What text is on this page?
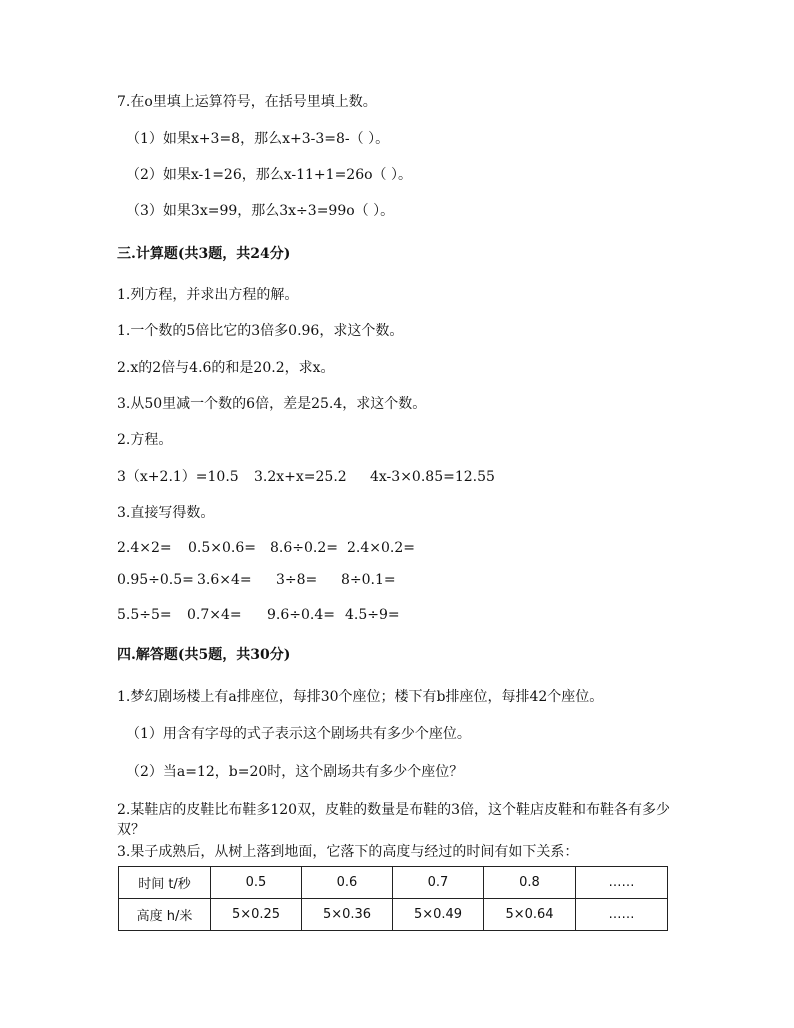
7.在o里填上运算符号，在括号里填上数。
（1）如果x+3=8，那么x+3-3=8-（ ）。
（2）如果x-1=26，那么x-11+1=26o（ ）。
（3）如果3x=99，那么3x÷3=99o（ ）。
三.计算题(共3题，共24分)
1.列方程，并求出方程的解。
1.一个数的5倍比它的3倍多0.96，求这个数。
2.x的2倍与4.6的和是20.2，求x。
3.从50里减一个数的6倍，差是25.4，求这个数。
2.方程。
3（x+2.1）=10.5 3.2x+x=25.2 4x-3×0.85=12.55
3.直接写得数。
2.4×2= 0.5×0.6= 8.6÷0.2= 2.4×0.2=
0.95÷0.5= 3.6×4= 3÷8= 8÷0.1=
5.5÷5= 0.7×4= 9.6÷0.4= 4.5÷9=
四.解答题(共5题，共30分)
1.梦幻剧场楼上有a排座位，每排30个座位；楼下有b排座位，每排42个座位。
（1）用含有字母的式子表示这个剧场共有多少个座位。
（2）当a=12，b=20时，这个剧场共有多少个座位？
2.某鞋店的皮鞋比布鞋多120双，皮鞋的数量是布鞋的3倍，这个鞋店皮鞋和布鞋各有多少双？
3.果子成熟后，从树上落到地面，它落下的高度与经过的时间有如下关系：
时间 t/秒	0.5	0.6	0.7	0.8	……
高度 h/米	5×0.25	5×0.36	5×0.49	5×0.64	……
